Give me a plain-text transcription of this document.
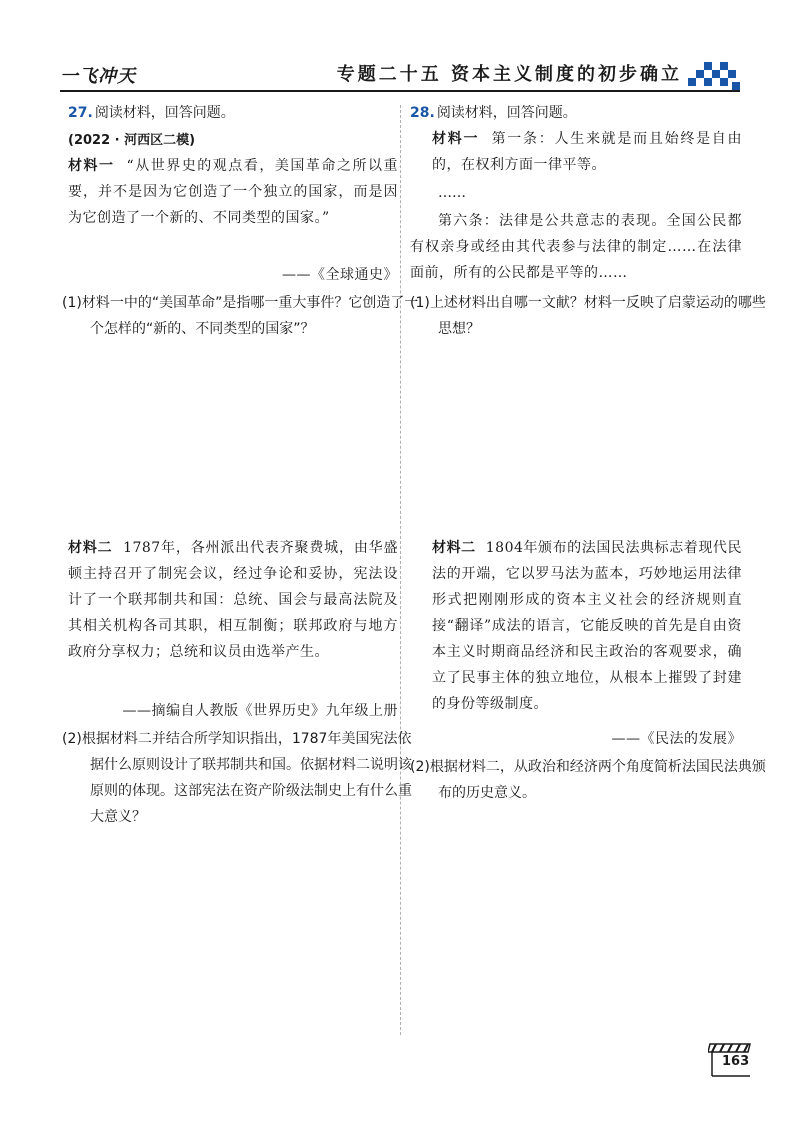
一飞冲天	专题二十五 资本主义制度的初步确立
27. 阅读材料，回答问题。
(2022 · 河西区二模)
材料一 “从世界史的观点看，美国革命之所以重要，并不是因为它创造了一个独立的国家，而是因为它创造了一个新的、不同类型的国家。”
——《全球通史》
(1)材料一中的“美国革命”是指哪一重大事件？它创造了一个怎样的“新的、不同类型的国家”？
材料二 1787年，各州派出代表齐聚费城，由华盛顿主持召开了制宪会议，经过争论和妥协，宪法设计了一个联邦制共和国：总统、国会与最高法院及其相关机构各司其职，相互制衡；联邦政府与地方政府分享权力；总统和议员由选举产生。
——摘编自人教版《世界历史》九年级上册
(2)根据材料二并结合所学知识指出，1787年美国宪法依据什么原则设计了联邦制共和国。依据材料二说明该原则的体现。这部宪法在资产阶级法制史上有什么重大意义？
28. 阅读材料，回答问题。
材料一 第一条：人生来就是而且始终是自由的，在权利方面一律平等。
……
第六条：法律是公共意志的表现。全国公民都有权亲身或经由其代表参与法律的制定……在法律面前，所有的公民都是平等的……
(1)上述材料出自哪一文献？材料一反映了启蒙运动的哪些思想？
材料二 1804年颁布的法国民法典标志着现代民法的开端，它以罗马法为蓝本，巧妙地运用法律形式把刚刚形成的资本主义社会的经济规则直接“翻译”成法的语言，它能反映的首先是自由资本主义时期商品经济和民主政治的客观要求，确立了民事主体的独立地位，从根本上摧毁了封建的身份等级制度。
——《民法的发展》
(2)根据材料二，从政治和经济两个角度简析法国民法典颁布的历史意义。
163
